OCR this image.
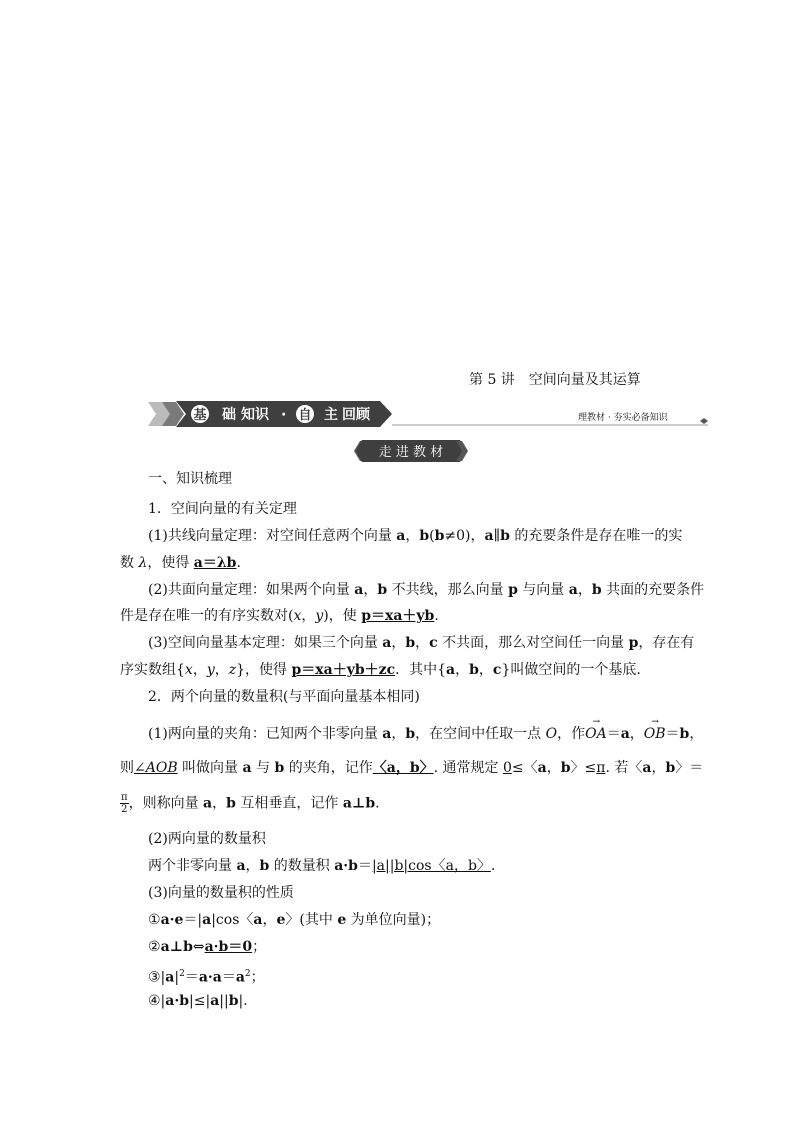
第 5 讲　空间向量及其运算
基 础 知识 · 自 主 回顾	理教材 · 夯实必备知识
走 进 教 材
一、知识梳理
1．空间向量的有关定理
(1)共线向量定理：对空间任意两个向量 a，b(b≠0)，a∥b 的充要条件是存在唯一的实
数 λ，使得 a＝λb.
(2)共面向量定理：如果两个向量 a，b 不共线，那么向量 p 与向量 a，b 共面的充要条件
件是存在唯一的有序实数对(x，y)，使 p＝xa＋yb.
(3)空间向量基本定理：如果三个向量 a，b，c 不共面，那么对空间任一向量 p，存在有
序实数组{x，y，z}，使得 p＝xa＋yb＋zc．其中{a，b，c}叫做空间的一个基底.
2．两个向量的数量积(与平面向量基本相同)
(1)两向量的夹角：已知两个非零向量 a，b，在空间中任取一点 O，作
→
OA＝a，
→
OB＝b，
则∠AOB 叫做向量 a 与 b 的夹角，记作〈a，b〉. 通常规定 0≤〈a，b〉≤π. 若〈a，b〉＝
$\frac{\pi}{2}$ ，则称向量 a，b 互相垂直，记作 a⊥b.
(2)两向量的数量积
两个非零向量 a，b 的数量积 a·b＝|a||b|cos〈a，b〉.
(3)向量的数量积的性质
①a·e＝|a|cos〈a，e〉(其中 e 为单位向量)；
②a⊥b⇔a·b＝0；
$③|a|^2=a\cdot a=a^2$；
④|a·b|≤|a||b|.
